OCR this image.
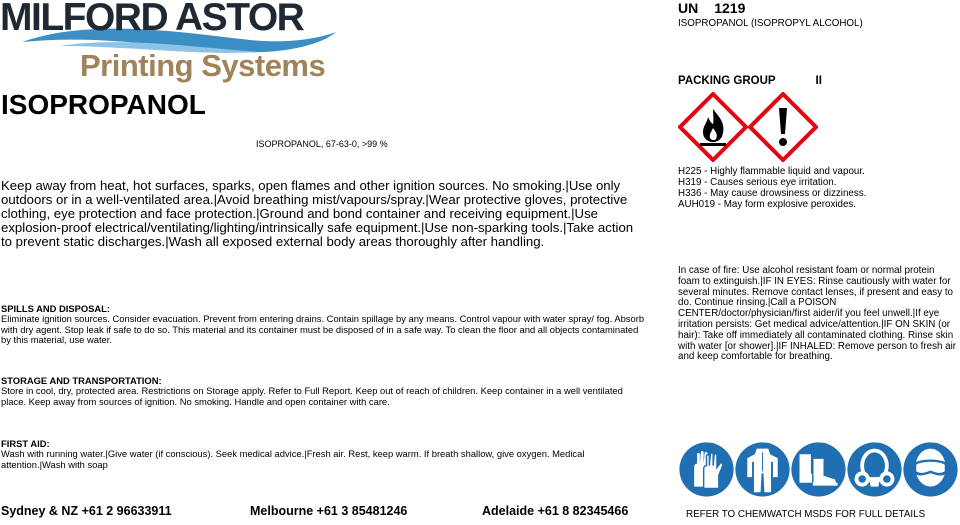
MILFORD ASTOR
Printing Systems
ISOPROPANOL
ISOPROPANOL, 67-63-0, >99 %
Keep away from heat, hot surfaces, sparks, open flames and other ignition sources. No smoking.|Use only outdoors or in a well-ventilated area.|Avoid breathing mist/vapours/spray.|Wear protective gloves, protective clothing, eye protection and face protection.|Ground and bond container and receiving equipment.|Use explosion-proof electrical/ventilating/lighting/intrinsically safe equipment.|Use non-sparking tools.|Take action to prevent static discharges.|Wash all exposed external body areas thoroughly after handling.
SPILLS AND DISPOSAL:
Eliminate ignition sources. Consider evacuation. Prevent from entering drains. Contain spillage by any means. Control vapour with water spray/ fog. Absorb with dry agent. Stop leak if safe to do so. This material and its container must be disposed of in a safe way. To clean the floor and all objects contaminated by this material, use water.
STORAGE AND TRANSPORTATION:
Store in cool, dry, protected area. Restrictions on Storage apply. Refer to Full Report. Keep out of reach of children. Keep container in a well ventilated place. Keep away from sources of ignition. No smoking. Handle and open container with care.
FIRST AID:
Wash with running water.|Give water (if conscious). Seek medical advice.|Fresh air. Rest, keep warm. If breath shallow, give oxygen. Medical attention.|Wash with soap
Sydney & NZ +61 2 96633911	Melbourne +61 3 85481246	Adelaide +61 8 82345466
UN 1219
ISOPROPANOL (ISOPROPYL ALCOHOL)
PACKING GROUP	II
H225 - Highly flammable liquid and vapour.
H319 - Causes serious eye irritation.
H336 - May cause drowsiness or dizziness.
AUH019 - May form explosive peroxides.
In case of fire: Use alcohol resistant foam or normal protein foam to extinguish.|IF IN EYES: Rinse cautiously with water for several minutes. Remove contact lenses, if present and easy to do. Continue rinsing.|Call a POISON CENTER/doctor/physician/first aider/if you feel unwell.|If eye irritation persists: Get medical advice/attention.|IF ON SKIN (or hair): Take off immediately all contaminated clothing. Rinse skin with water [or shower].|IF INHALED: Remove person to fresh air and keep comfortable for breathing.
REFER TO CHEMWATCH MSDS FOR FULL DETAILS
